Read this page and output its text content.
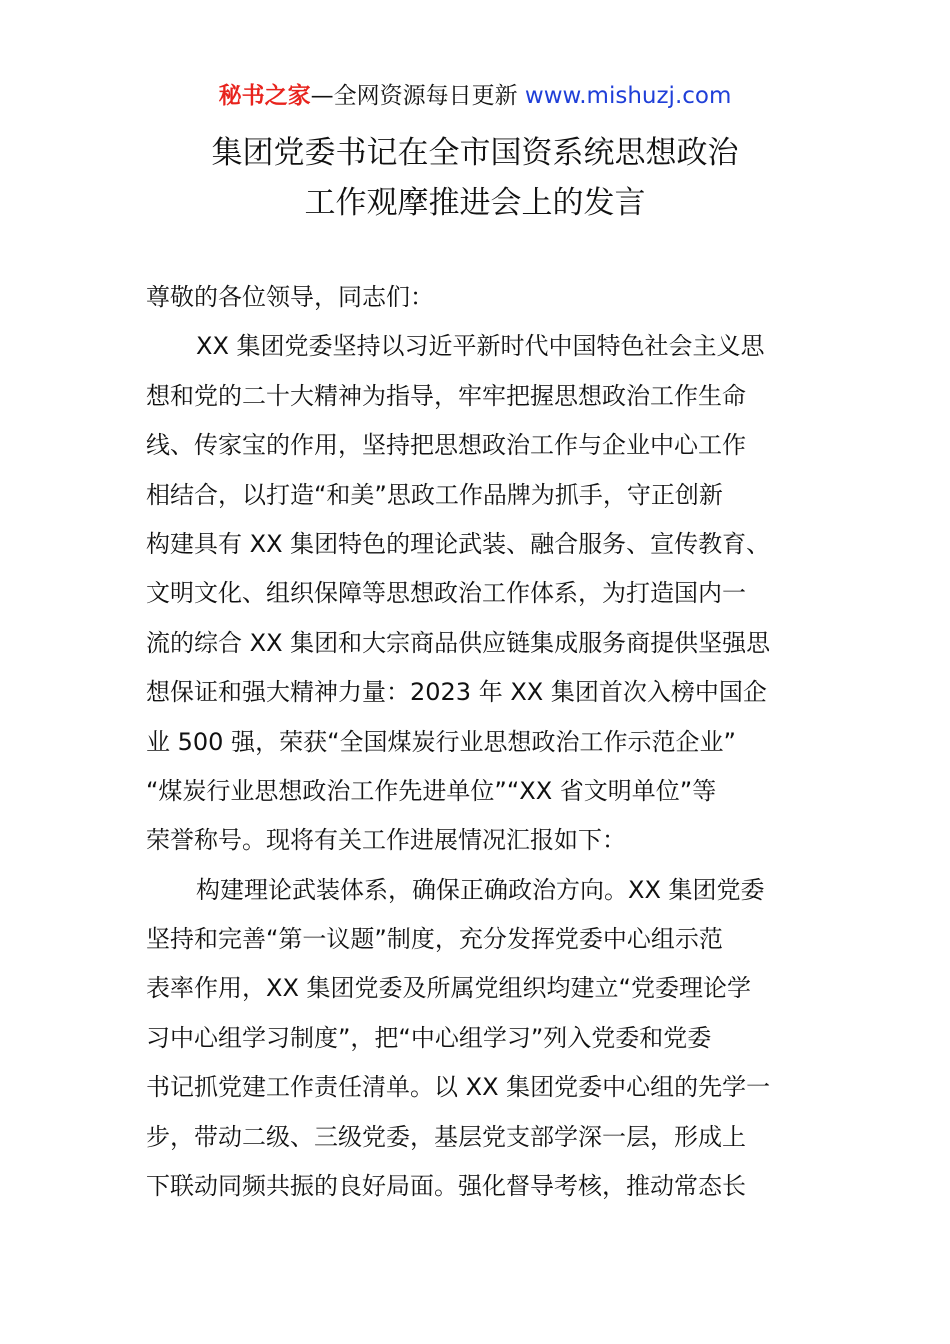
秘书之家—全网资源每日更新 www.mishuzj.com
集团党委书记在全市国资系统思想政治
工作观摩推进会上的发言
尊敬的各位领导，同志们：
XX 集团党委坚持以习近平新时代中国特色社会主义思
想和党的二十大精神为指导，牢牢把握思想政治工作生命
线、传家宝的作用，坚持把思想政治工作与企业中心工作
相结合，以打造“和美”思政工作品牌为抓手，守正创新
构建具有 XX 集团特色的理论武装、融合服务、宣传教育、
文明文化、组织保障等思想政治工作体系，为打造国内一
流的综合 XX 集团和大宗商品供应链集成服务商提供坚强思
想保证和强大精神力量：2023 年 XX 集团首次入榜中国企
业 500 强，荣获“全国煤炭行业思想政治工作示范企业”
“煤炭行业思想政治工作先进单位”“XX 省文明单位”等
荣誉称号。现将有关工作进展情况汇报如下：
构建理论武装体系，确保正确政治方向。XX 集团党委
坚持和完善“第一议题”制度，充分发挥党委中心组示范
表率作用，XX 集团党委及所属党组织均建立“党委理论学
习中心组学习制度”，把“中心组学习”列入党委和党委
书记抓党建工作责任清单。以 XX 集团党委中心组的先学一
步，带动二级、三级党委，基层党支部学深一层，形成上
下联动同频共振的良好局面。强化督导考核，推动常态长
